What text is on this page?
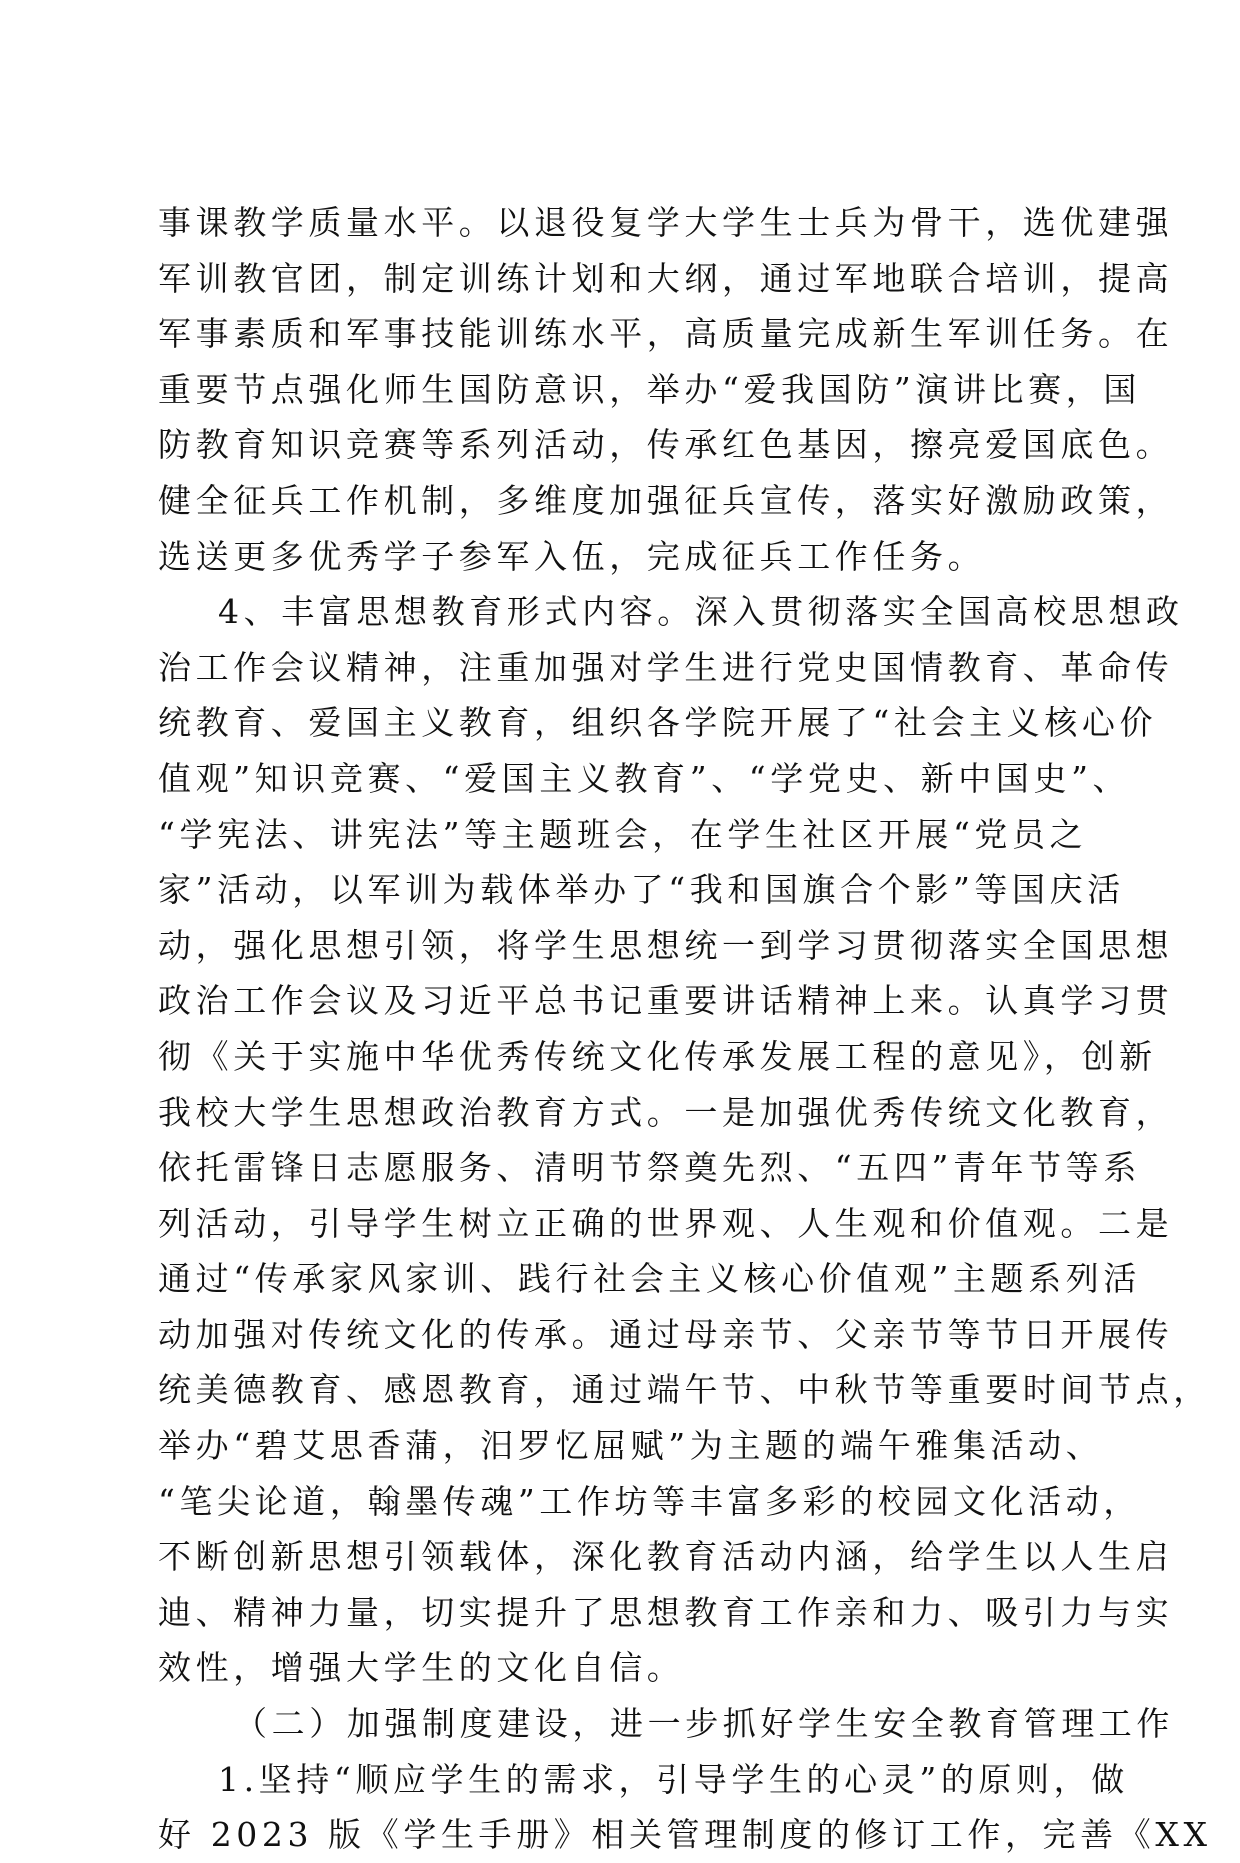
事课教学质量水平。以退役复学大学生士兵为骨干，选优建强
军训教官团，制定训练计划和大纲，通过军地联合培训，提高
军事素质和军事技能训练水平，高质量完成新生军训任务。在
重要节点强化师生国防意识，举办“爱我国防”演讲比赛，国
防教育知识竞赛等系列活动，传承红色基因，擦亮爱国底色。
健全征兵工作机制，多维度加强征兵宣传，落实好激励政策，
选送更多优秀学子参军入伍，完成征兵工作任务。
4、丰富思想教育形式内容。深入贯彻落实全国高校思想政
治工作会议精神，注重加强对学生进行党史国情教育、革命传
统教育、爱国主义教育，组织各学院开展了“社会主义核心价
值观”知识竞赛、“爱国主义教育”、“学党史、新中国史”、
“学宪法、讲宪法”等主题班会，在学生社区开展“党员之
家”活动，以军训为载体举办了“我和国旗合个影”等国庆活
动，强化思想引领，将学生思想统一到学习贯彻落实全国思想
政治工作会议及习近平总书记重要讲话精神上来。认真学习贯
彻《关于实施中华优秀传统文化传承发展工程的意见》，创新
我校大学生思想政治教育方式。一是加强优秀传统文化教育，
依托雷锋日志愿服务、清明节祭奠先烈、“五四”青年节等系
列活动，引导学生树立正确的世界观、人生观和价值观。二是
通过“传承家风家训、践行社会主义核心价值观”主题系列活
动加强对传统文化的传承。通过母亲节、父亲节等节日开展传
统美德教育、感恩教育，通过端午节、中秋节等重要时间节点，
举办“碧艾思香蒲，汨罗忆屈赋”为主题的端午雅集活动、
“笔尖论道，翰墨传魂”工作坊等丰富多彩的校园文化活动，
不断创新思想引领载体，深化教育活动内涵，给学生以人生启
迪、精神力量，切实提升了思想教育工作亲和力、吸引力与实
效性，增强大学生的文化自信。
（二）加强制度建设，进一步抓好学生安全教育管理工作
1.坚持“顺应学生的需求，引导学生的心灵”的原则，做
好 2023 版《学生手册》相关管理制度的修订工作，完善《XX
